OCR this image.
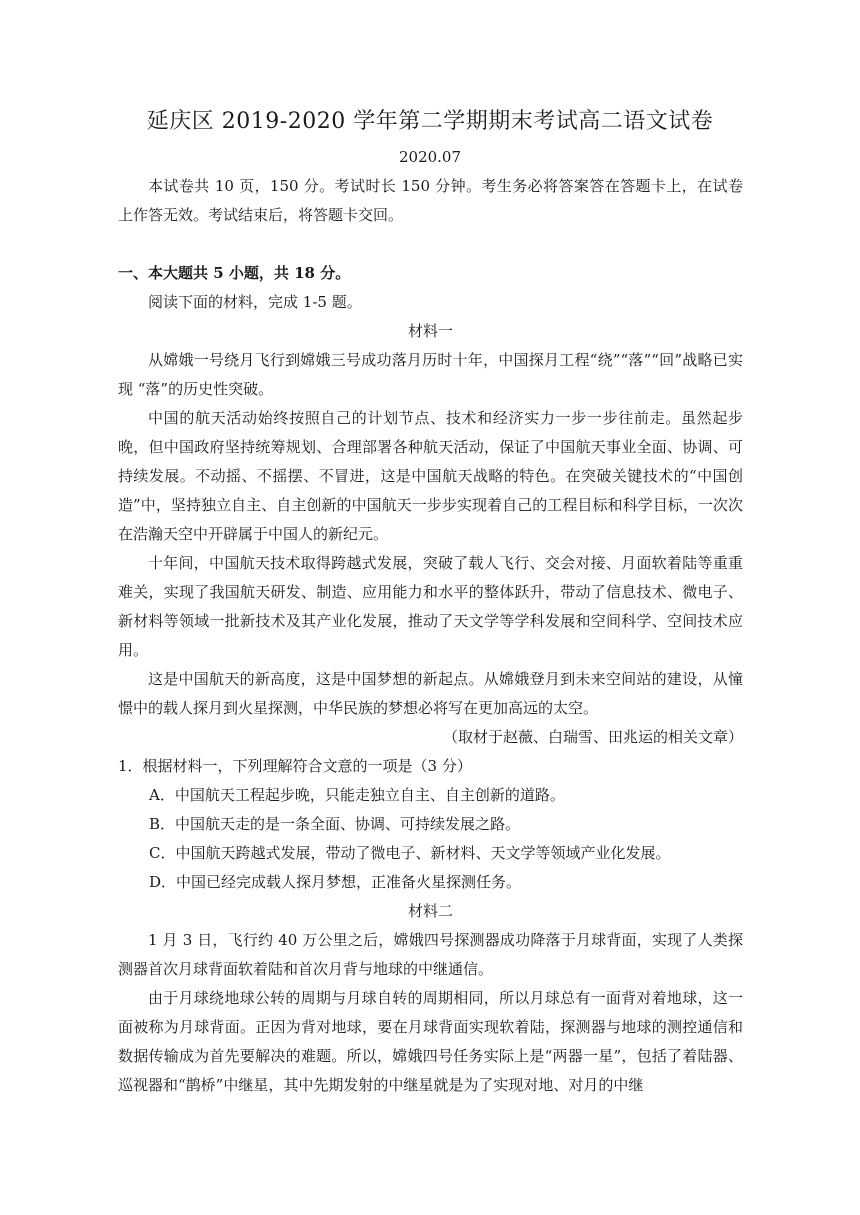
延庆区 2019-2020 学年第二学期期末考试高二语文试卷
2020.07

本试卷共 10 页，150 分。考试时长 150 分钟。考生务必将答案答在答题卡上，在试卷上作答无效。考试结束后，将答题卡交回。

一、本大题共 5 小题，共 18 分。

阅读下面的材料，完成 1-5 题。

材料一

从嫦娥一号绕月飞行到嫦娥三号成功落月历时十年，中国探月工程“绕”“落”“回”战略已实现 “落”的历史性突破。

中国的航天活动始终按照自己的计划节点、技术和经济实力一步一步往前走。虽然起步晚，但中国政府坚持统筹规划、合理部署各种航天活动，保证了中国航天事业全面、协调、可持续发展。不动摇、不摇摆、不冒进，这是中国航天战略的特色。在突破关键技术的“中国创造”中，坚持独立自主、自主创新的中国航天一步步实现着自己的工程目标和科学目标，一次次在浩瀚天空中开辟属于中国人的新纪元。

十年间，中国航天技术取得跨越式发展，突破了载人飞行、交会对接、月面软着陆等重重难关，实现了我国航天研发、制造、应用能力和水平的整体跃升，带动了信息技术、微电子、新材料等领域一批新技术及其产业化发展，推动了天文学等学科发展和空间科学、空间技术应用。

这是中国航天的新高度，这是中国梦想的新起点。从嫦娥登月到未来空间站的建设，从憧憬中的载人探月到火星探测，中华民族的梦想必将写在更加高远的太空。

（取材于赵薇、白瑞雪、田兆运的相关文章）

1．根据材料一，下列理解符合文意的一项是（3 分）

A．中国航天工程起步晚，只能走独立自主、自主创新的道路。

B．中国航天走的是一条全面、协调、可持续发展之路。

C．中国航天跨越式发展，带动了微电子、新材料、天文学等领域产业化发展。

D．中国已经完成载人探月梦想，正准备火星探测任务。

材料二

1 月 3 日，飞行约 40 万公里之后，嫦娥四号探测器成功降落于月球背面，实现了人类探测器首次月球背面软着陆和首次月背与地球的中继通信。

由于月球绕地球公转的周期与月球自转的周期相同，所以月球总有一面背对着地球，这一面被称为月球背面。正因为背对地球，要在月球背面实现软着陆，探测器与地球的测控通信和数据传输成为首先要解决的难题。所以，嫦娥四号任务实际上是“两器一星”，包括了着陆器、巡视器和“鹊桥”中继星，其中先期发射的中继星就是为了实现对地、对月的中继
